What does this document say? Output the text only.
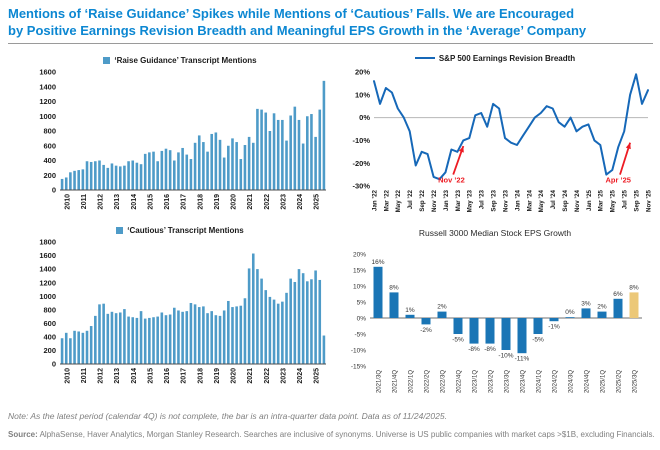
Mentions of ‘Raise Guidance’ Spikes while Mentions of ‘Cautious’ Falls. We are Encouraged
by Positive Earnings Revision Breadth and Meaningful EPS Growth in the ‘Average’ Company
‘Raise Guidance’ Transcript Mentions
0
200
400
600
800
1000
1200
1400
1600
2010 2011 2012 2013 2014 2015 2016 2017 2018 2019 2020 2021 2022 2023 2024 2025
S&P 500 Earnings Revision Breadth
20%
10%
0%
-10%
-20%
-30%
Jan ’22 Mar ’22 May ’22 Jul ’22 Sep ’22 Nov ’22 Jan ’23 Mar ’23 May ’23 Jul ’23 Sep ’23 Nov ’23 Jan ’24 Mar ’24 May ’24 Jul ’24 Sep ’24 Nov ’24 Jan ’25 Mar ’25 May ’25 Jul ’25 Sep ’25 Nov ’25
Nov ’22	Apr ’25
‘Cautious’ Transcript Mentions
0
200
400
600
800
1000
1200
1400
1600
1800
2010 2011 2012 2013 2014 2015 2016 2017 2018 2019 2020 2021 2022 2023 2024 2025
Russell 3000 Median Stock EPS Growth
20%
15%
10%
5%
0%
-5%
-10%
-15%
16%
2021/3Q
8%
2021/4Q
1%
2022/1Q
-2%
2022/2Q
2%
2022/3Q
-5%
2022/4Q
-8%
2023/1Q
-8%
2023/2Q
-10%
2023/3Q
-11%
2023/4Q
-5%
2024/1Q
-1%
2024/2Q
0%
2024/3Q
3%
2024/4Q
2%
2025/1Q
6%
2025/2Q
8%
2025/3Q
Note: As the latest period (calendar 4Q) is not complete, the bar is an intra-quarter data point. Data as of 11/24/2025.
Source: AlphaSense, Haver Analytics, Morgan Stanley Research. Searches are inclusive of synonyms. Universe is US public companies with market caps >$1B, excluding Financials.
